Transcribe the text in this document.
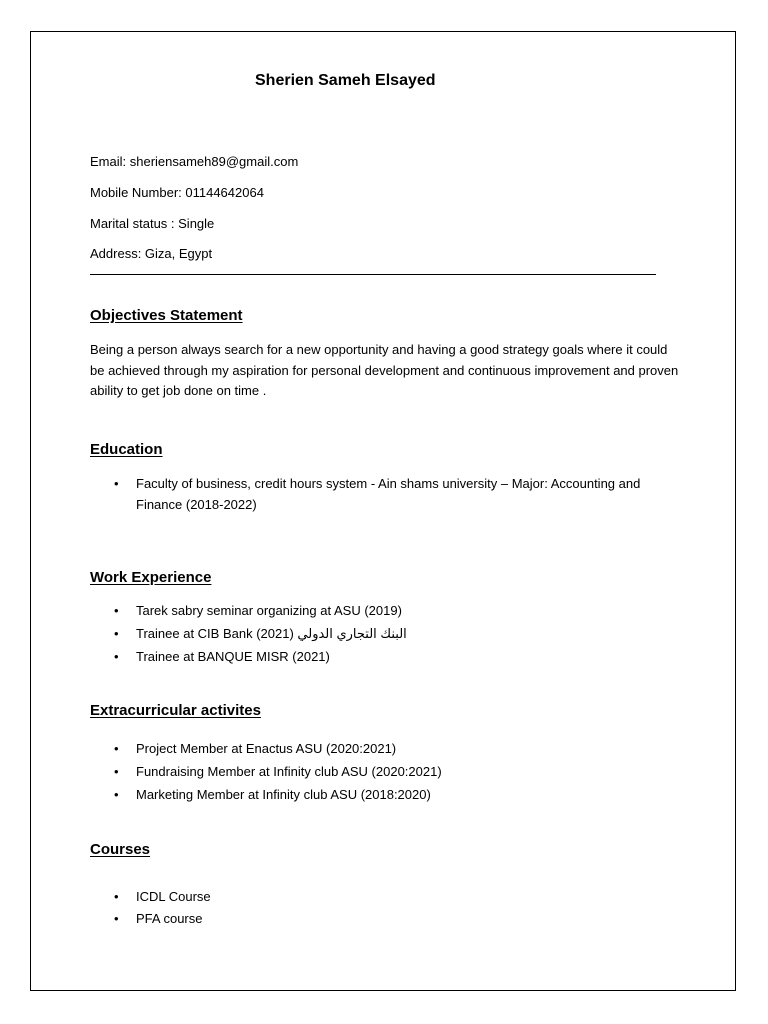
Sherien Sameh Elsayed
Email: sheriensameh89@gmail.com
Mobile Number: 01144642064
Marital status : Single
Address: Giza, Egypt
Objectives Statement
Being a person always search for a new opportunity and having a good strategy goals where it could be achieved through my aspiration for personal development and continuous improvement and proven ability to get job done on time .
Education
• Faculty of business, credit hours system - Ain shams university – Major: Accounting and Finance (2018-2022)
Work Experience
• Tarek sabry seminar organizing at ASU (2019)
• Trainee at CIB Bank البنك التجاري الدولي (2021)
• Trainee at BANQUE MISR (2021)
Extracurricular activites
• Project Member at Enactus ASU (2020:2021)
• Fundraising Member at Infinity club ASU (2020:2021)
• Marketing Member at Infinity club ASU (2018:2020)
Courses
• ICDL Course
• PFA course
